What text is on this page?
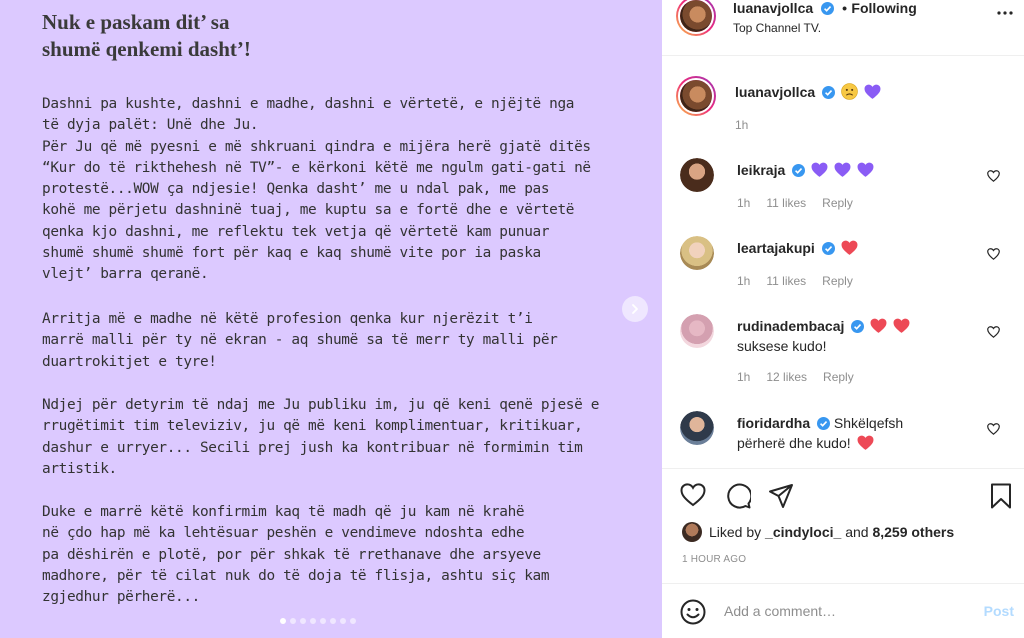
Nuk e paskam dit’ sa
shumë qenkemi dasht’!
Dashni pa kushte, dashni e madhe, dashni e vërtetë, e njëjtë nga
të dyja palët: Unë dhe Ju.
Për Ju që më pyesni e më shkruani qindra e mijëra herë gjatë ditës
“Kur do të rikthehesh në TV”- e kërkoni këtë me ngulm gati-gati në
protestë...WOW ça ndjesie! Qenka dasht’ me u ndal pak, me pas
kohë me përjetu dashninë tuaj, me kuptu sa e fortë dhe e vërtetë
qenka kjo dashni, me reflektu tek vetja që vërtetë kam punuar
shumë shumë shumë fort për kaq e kaq shumë vite por ia paska
vlejt’ barra qeranë.
Arritja më e madhe në këtë profesion qenka kur njerëzit t’i
marrë malli për ty në ekran - aq shumë sa të merr ty malli për
duartrokitjet e tyre!
Ndjej për detyrim të ndaj me Ju publiku im, ju që keni qenë pjesë e
rrugëtimit tim televiziv, ju që më keni komplimentuar, kritikuar,
dashur e urryer... Secili prej jush ka kontribuar në formimin tim
artistik.
Duke e marrë këtë konfirmim kaq të madh që ju kam në krahë
në çdo hap më ka lehtësuar peshën e vendimeve ndoshta edhe
pa dëshirën e plotë, por për shkak të rrethanave dhe arsyeve
madhore, për të cilat nuk do të doja të flisja, ashtu siç kam
zgjedhur përherë...
luanavjollca • Following
Top Channel TV.
luanavjollca
1h
leikraja
1h 11 likes Reply
leartajakupi
1h 11 likes Reply
rudinadembacaj
suksese kudo!
1h 12 likes Reply
fioridardha Shkëlqefsh përherë dhe kudo!
Liked by _cindyloci_ and 8,259 others
1 HOUR AGO
Add a comment…
Post
